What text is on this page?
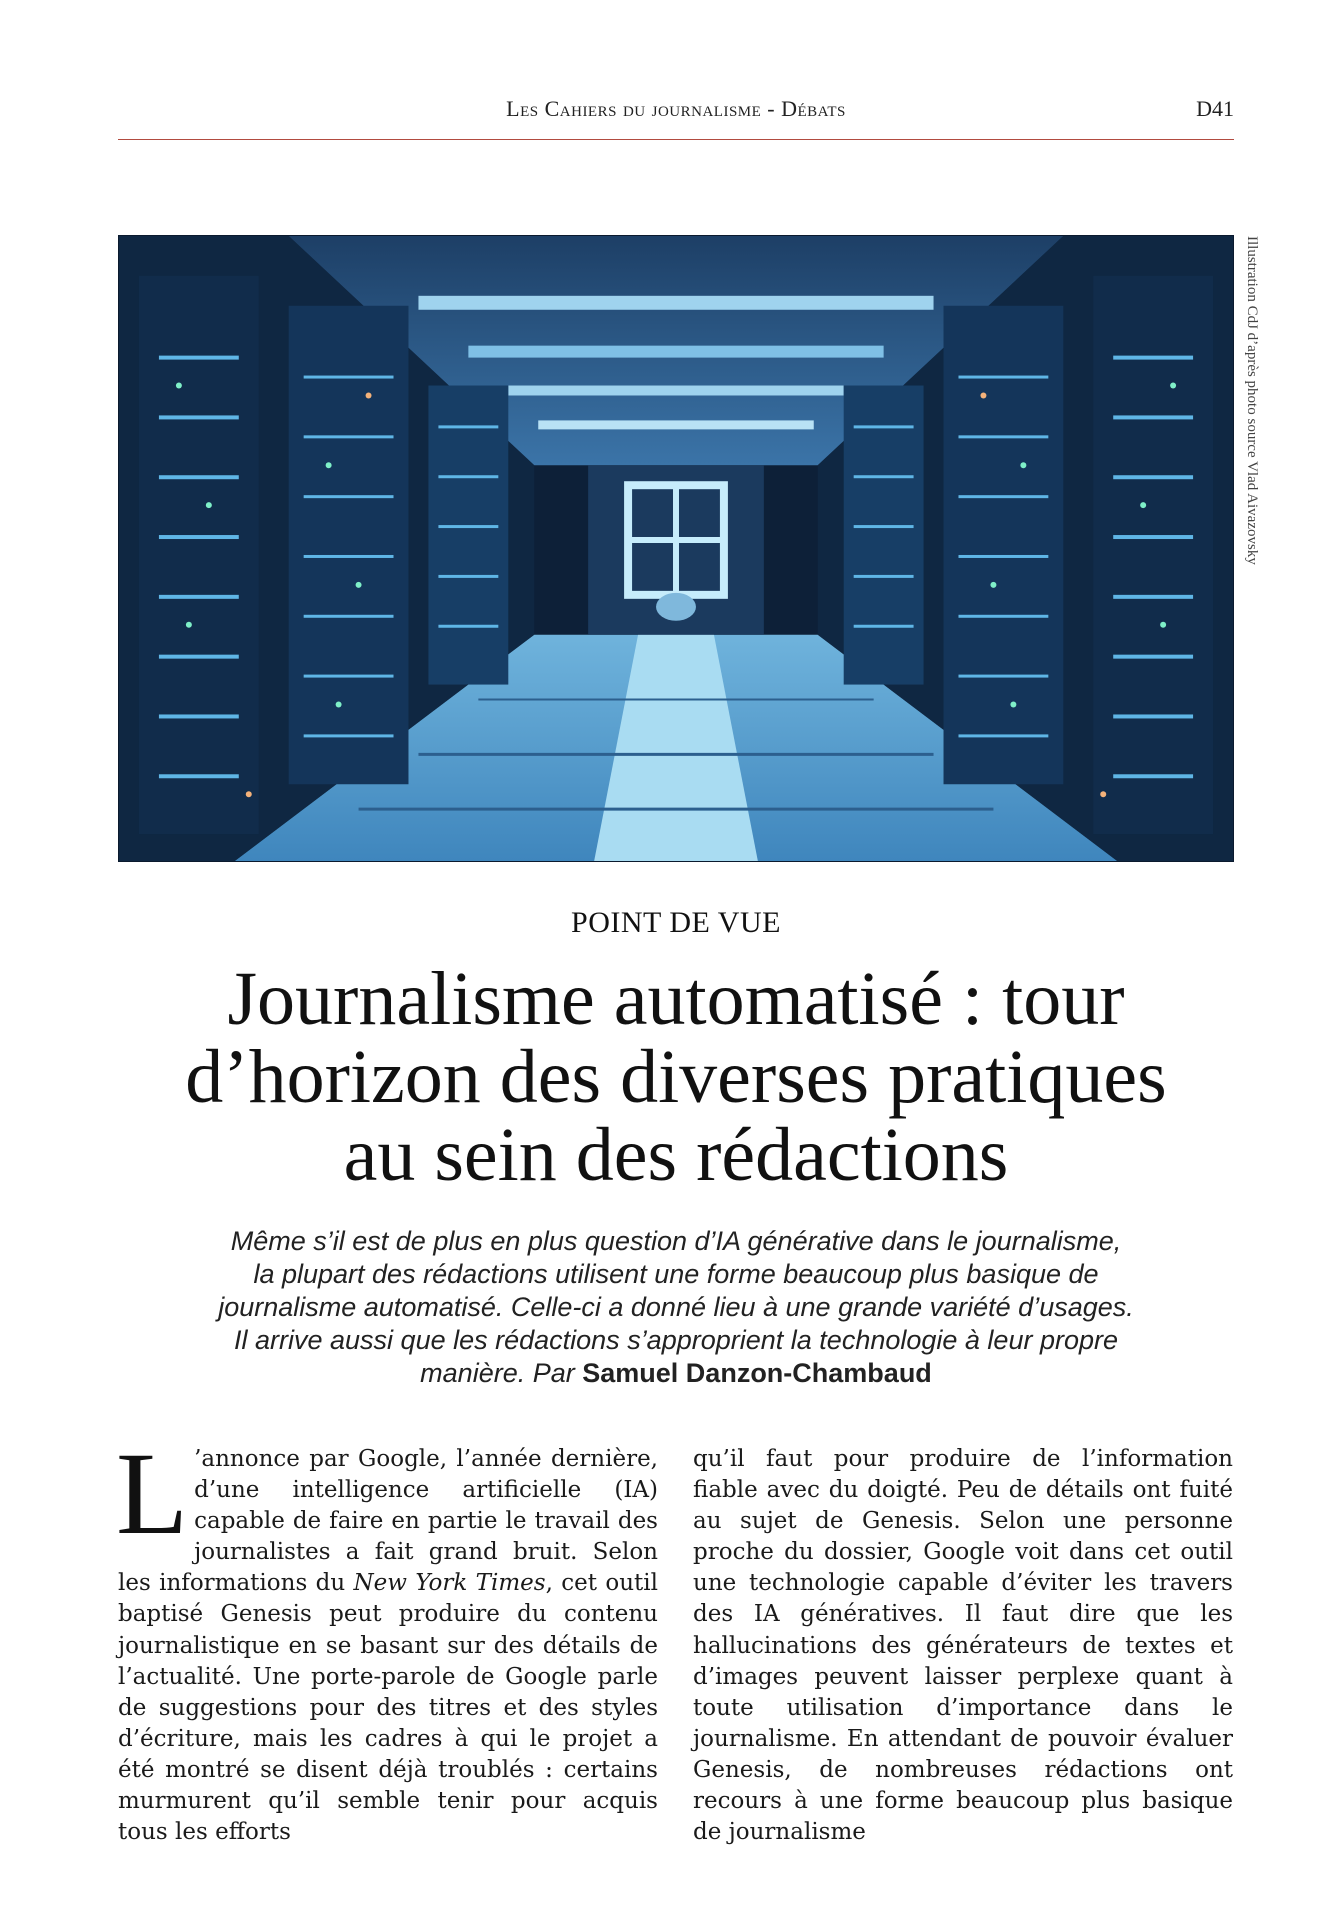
Les Cahiers du journalisme - Débats	D41
Illustration CdJ d’après photo source Vlad Aivazovsky
POINT DE VUE
Journalisme automatisé : tour
d’horizon des diverses pratiques
au sein des rédactions
Même s’il est de plus en plus question d’IA générative dans le journalisme,
la plupart des rédactions utilisent une forme beaucoup plus basique de
journalisme automatisé. Celle-ci a donné lieu à une grande variété d’usages.
Il arrive aussi que les rédactions s’approprient la technologie à leur propre
manière. Par Samuel Danzon-Chambaud

L ’annonce par Google, l’année dernière, d’une intelligence artificielle (IA) capable de faire en partie le travail des journalistes a fait grand bruit. Selon les informations du New York Times, cet outil baptisé Genesis peut produire du contenu journalistique en se basant sur des détails de l’actualité. Une porte-parole de Google parle de suggestions pour des titres et des styles d’écriture, mais les cadres à qui le projet a été montré se disent déjà troublés : certains murmurent qu’il semble tenir pour acquis tous les efforts

qu’il faut pour produire de l’information fiable avec du doigté. Peu de détails ont fuité au sujet de Genesis. Selon une personne proche du dossier, Google voit dans cet outil une technologie capable d’éviter les travers des IA génératives. Il faut dire que les hallucinations des générateurs de textes et d’images peuvent laisser perplexe quant à toute utilisation d’importance dans le journalisme. En attendant de pouvoir évaluer Genesis, de nombreuses rédactions ont recours à une forme beaucoup plus basique de journalisme
